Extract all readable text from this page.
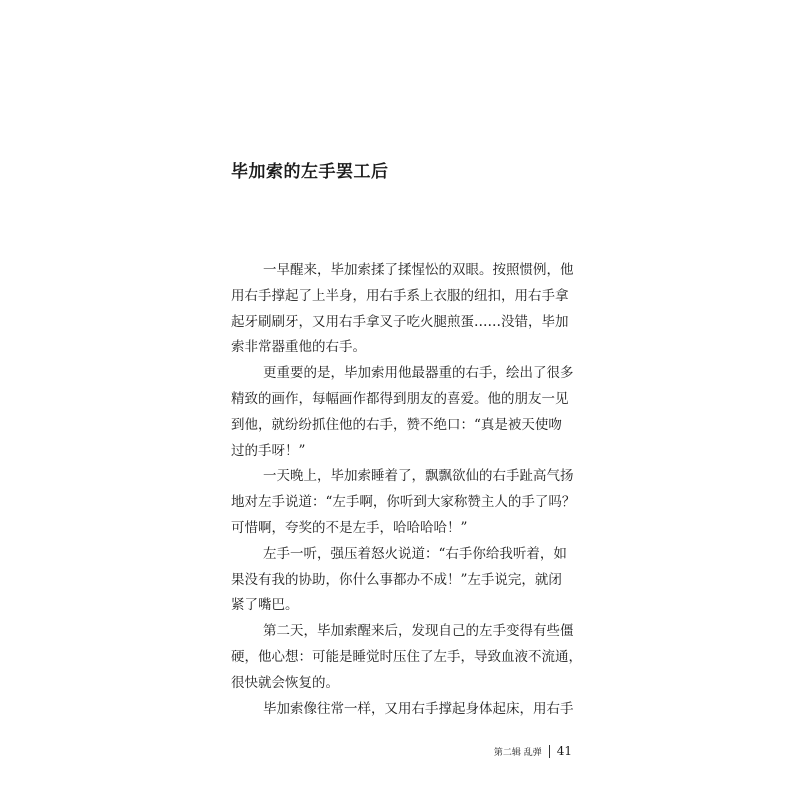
毕加索的左手罢工后
一早醒来，毕加索揉了揉惺忪的双眼。按照惯例，他
用右手撑起了上半身，用右手系上衣服的纽扣，用右手拿
起牙刷刷牙，又用右手拿叉子吃火腿煎蛋……没错，毕加
索非常器重他的右手。
更重要的是，毕加索用他最器重的右手，绘出了很多
精致的画作，每幅画作都得到朋友的喜爱。他的朋友一见
到他，就纷纷抓住他的右手，赞不绝口：“真是被天使吻
过的手呀！”
一天晚上，毕加索睡着了，飘飘欲仙的右手趾高气扬
地对左手说道：“左手啊，你听到大家称赞主人的手了吗？
可惜啊，夸奖的不是左手，哈哈哈哈！”
左手一听，强压着怒火说道：“右手你给我听着，如
果没有我的协助，你什么事都办不成！”左手说完，就闭
紧了嘴巴。
第二天，毕加索醒来后，发现自己的左手变得有些僵
硬，他心想：可能是睡觉时压住了左手，导致血液不流通，
很快就会恢复的。
毕加索像往常一样，又用右手撑起身体起床，用右手
第二辑 乱弹 41
